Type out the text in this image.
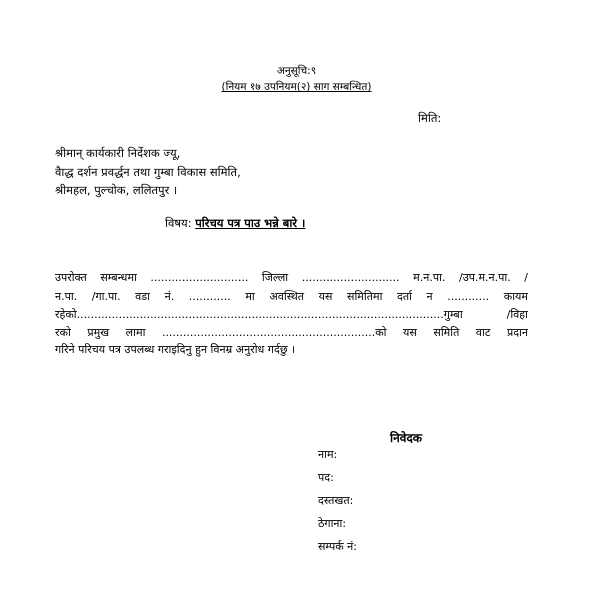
अनुसूचि:९
(नियम १७ उपनियम(२) साग सम्बन्धित)
मिति:
श्रीमान् कार्यकारी निर्देशक ज्यू,
वैाद्ध दर्शन प्रवर्द्धन तथा गुम्बा विकास समिति,
श्रीमहल, पुल्चोक, ललितपुर ।
विषय: परिचय पत्र पाउ भन्ने बारे ।
उपरोक्त सम्बन्धमा ............................ जिल्ला ............................ म.न.पा. /उप.म.न.पा. /
न.पा. /गा.पा. वडा नं. ............ मा अवस्थित यस समितिमा दर्ता न ............ कायम
रहेको.........................................................................................................गुम्बा /विहा
रको प्रमुख लामा .............................................................को यस समिति वाट प्रदान
गरिने परिचय पत्र उपलब्ध गराइदिनु हुन विनम्र अनुरोध गर्दछु ।
निवेदक
नाम:
पद:
दस्तखत:
ठेगाना:
सम्पर्क नं:
